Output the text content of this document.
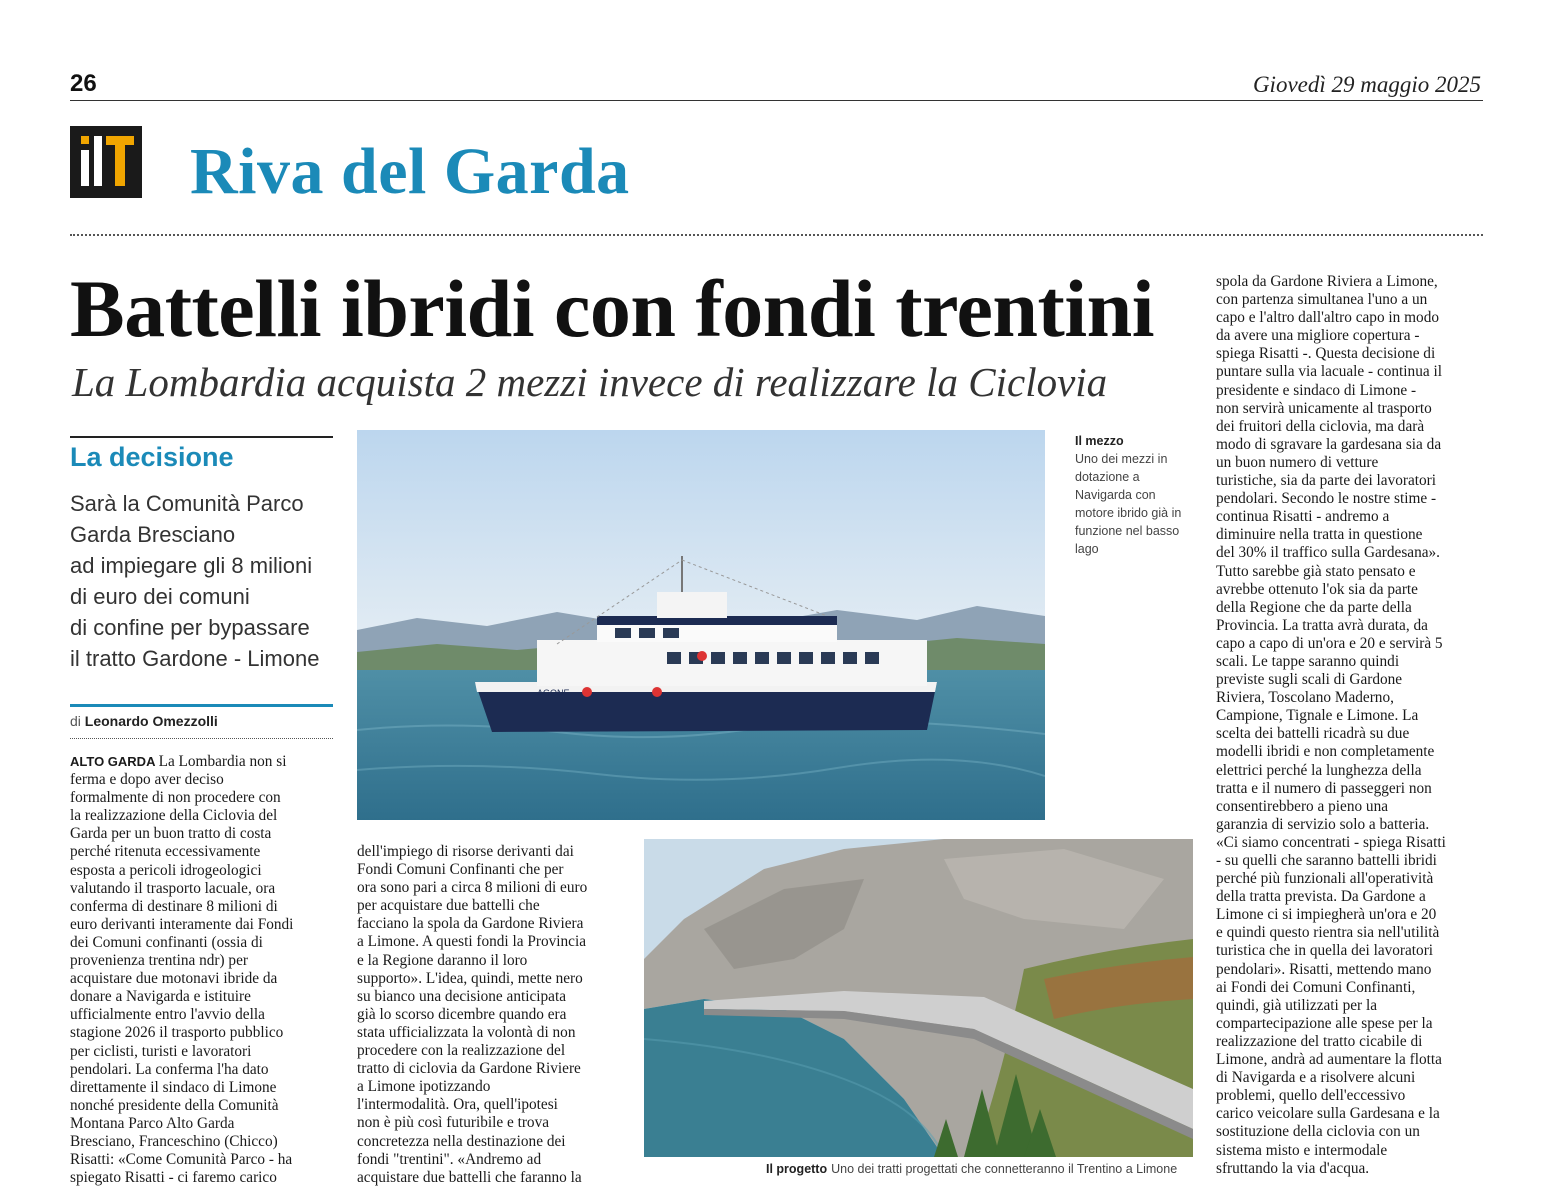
26	Giovedì 29 maggio 2025
Riva del Garda
Battelli ibridi con fondi trentini
La Lombardia acquista 2 mezzi invece di realizzare la Ciclovia
La decisione
Sarà la Comunità Parco
Garda Bresciano
ad impiegare gli 8 milioni
di euro dei comuni
di confine per bypassare
il tratto Gardone - Limone
di Leonardo Omezzolli
ALTO GARDA La Lombardia non si
ferma e dopo aver deciso
formalmente di non procedere con
la realizzazione della Ciclovia del
Garda per un buon tratto di costa
perché ritenuta eccessivamente
esposta a pericoli idrogeologici
valutando il trasporto lacuale, ora
conferma di destinare 8 milioni di
euro derivanti interamente dai Fondi
dei Comuni confinanti (ossia di
provenienza trentina ndr) per
acquistare due motonavi ibride da
donare a Navigarda e istituire
ufficialmente entro l'avvio della
stagione 2026 il trasporto pubblico
per ciclisti, turisti e lavoratori
pendolari. La conferma l'ha dato
direttamente il sindaco di Limone
nonché presidente della Comunità
Montana Parco Alto Garda
Bresciano, Franceschino (Chicco)
Risatti: «Come Comunità Parco - ha
spiegato Risatti - ci faremo carico
dell'impiego di risorse derivanti dai
Fondi Comuni Confinanti che per
ora sono pari a circa 8 milioni di euro
per acquistare due battelli che
facciano la spola da Gardone Riviera
a Limone. A questi fondi la Provincia
e la Regione daranno il loro
supporto». L'idea, quindi, mette nero
su bianco una decisione anticipata
già lo scorso dicembre quando era
stata ufficializzata la volontà di non
procedere con la realizzazione del
tratto di ciclovia da Gardone Riviere
a Limone ipotizzando
l'intermodalità. Ora, quell'ipotesi
non è più così futuribile e trova
concretezza nella destinazione dei
fondi "trentini". «Andremo ad
acquistare due battelli che faranno la
spola da Gardone Riviera a Limone,
con partenza simultanea l'uno a un
capo e l'altro dall'altro capo in modo
da avere una migliore copertura -
spiega Risatti -. Questa decisione di
puntare sulla via lacuale - continua il
presidente e sindaco di Limone -
non servirà unicamente al trasporto
dei fruitori della ciclovia, ma darà
modo di sgravare la gardesana sia da
un buon numero di vetture
turistiche, sia da parte dei lavoratori
pendolari. Secondo le nostre stime -
continua Risatti - andremo a
diminuire nella tratta in questione
del 30% il traffico sulla Gardesana».
Tutto sarebbe già stato pensato e
avrebbe ottenuto l'ok sia da parte
della Regione che da parte della
Provincia. La tratta avrà durata, da
capo a capo di un'ora e 20 e servirà 5
scali. Le tappe saranno quindi
previste sugli scali di Gardone
Riviera, Toscolano Maderno,
Campione, Tignale e Limone. La
scelta dei battelli ricadrà su due
modelli ibridi e non completamente
elettrici perché la lunghezza della
tratta e il numero di passeggeri non
consentirebbero a pieno una
garanzia di servizio solo a batteria.
«Ci siamo concentrati - spiega Risatti
- su quelli che saranno battelli ibridi
perché più funzionali all'operatività
della tratta prevista. Da Gardone a
Limone ci si impiegherà un'ora e 20
e quindi questo rientra sia nell'utilità
turistica che in quella dei lavoratori
pendolari». Risatti, mettendo mano
ai Fondi dei Comuni Confinanti,
quindi, già utilizzati per la
compartecipazione alle spese per la
realizzazione del tratto cicabile di
Limone, andrà ad aumentare la flotta
di Navigarda e a risolvere alcuni
problemi, quello dell'eccessivo
carico veicolare sulla Gardesana e la
sostituzione della ciclovia con un
sistema misto e intermodale
sfruttando la via d'acqua.
AGONE
Il mezzo
Uno dei mezzi in
dotazione a
Navigarda con
motore ibrido già in
funzione nel basso
lago
Il progetto Uno dei tratti progettati che connetteranno il Trentino a Limone
